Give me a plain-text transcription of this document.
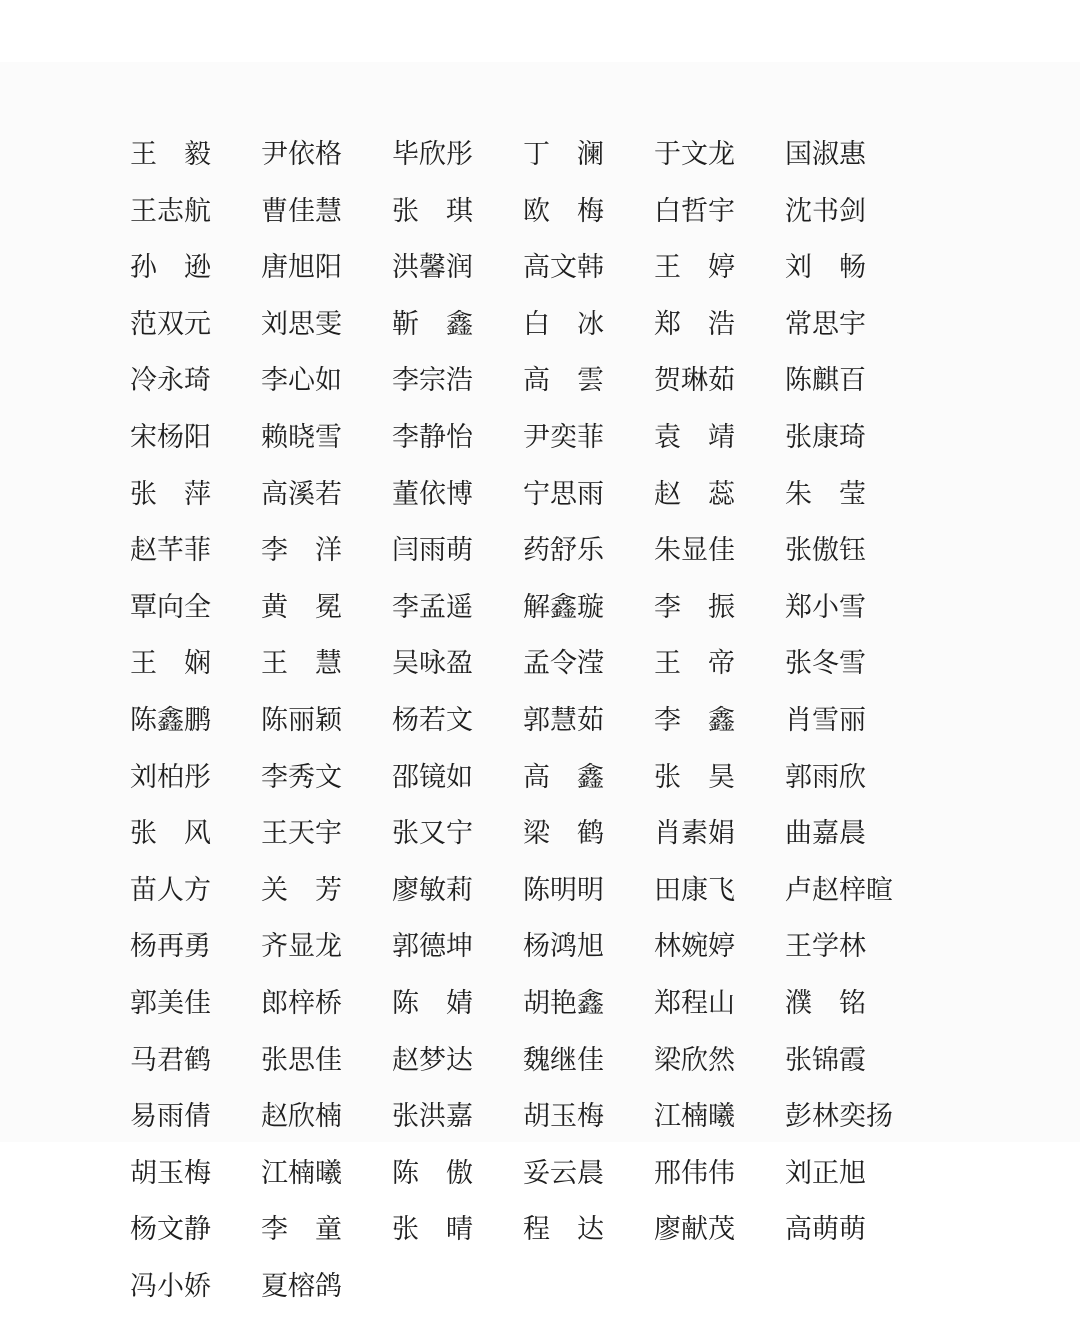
王　毅 尹依格 毕欣彤 丁　澜 于文龙 国淑惠
王志航 曹佳慧 张　琪 欧　梅 白哲宇 沈书剑
孙　逊 唐旭阳 洪馨润 高文韩 王　婷 刘　畅
范双元 刘思雯 靳　鑫 白　冰 郑　浩 常思宇
冷永琦 李心如 李宗浩 高　雲 贺琳茹 陈麒百
宋杨阳 赖晓雪 李静怡 尹奕菲 袁　靖 张康琦
张　萍 高溪若 董依博 宁思雨 赵　蕊 朱　莹
赵芊菲 李　洋 闫雨萌 药舒乐 朱显佳 张傲钰
覃向全 黄　冕 李孟遥 解鑫璇 李　振 郑小雪
王　娴 王　慧 吴咏盈 孟令滢 王　帝 张冬雪
陈鑫鹏 陈丽颖 杨若文 郭慧茹 李　鑫 肖雪丽
刘柏彤 李秀文 邵镜如 高　鑫 张　昊 郭雨欣
张　风 王天宇 张又宁 梁　鹤 肖素娟 曲嘉晨
苗人方 关　芳 廖敏莉 陈明明 田康飞 卢赵梓暄
杨再勇 齐显龙 郭德坤 杨鸿旭 林婉婷 王学林
郭美佳 郎梓桥 陈　婧 胡艳鑫 郑程山 濮　铭
马君鹤 张思佳 赵梦达 魏继佳 梁欣然 张锦霞
易雨倩 赵欣楠 张洪嘉 胡玉梅 江楠曦 彭林奕扬
胡玉梅 江楠曦 陈　傲 妥云晨 邢伟伟 刘正旭
杨文静 李　童 张　晴 程　达 廖献茂 高萌萌
冯小娇 夏榕鸽
